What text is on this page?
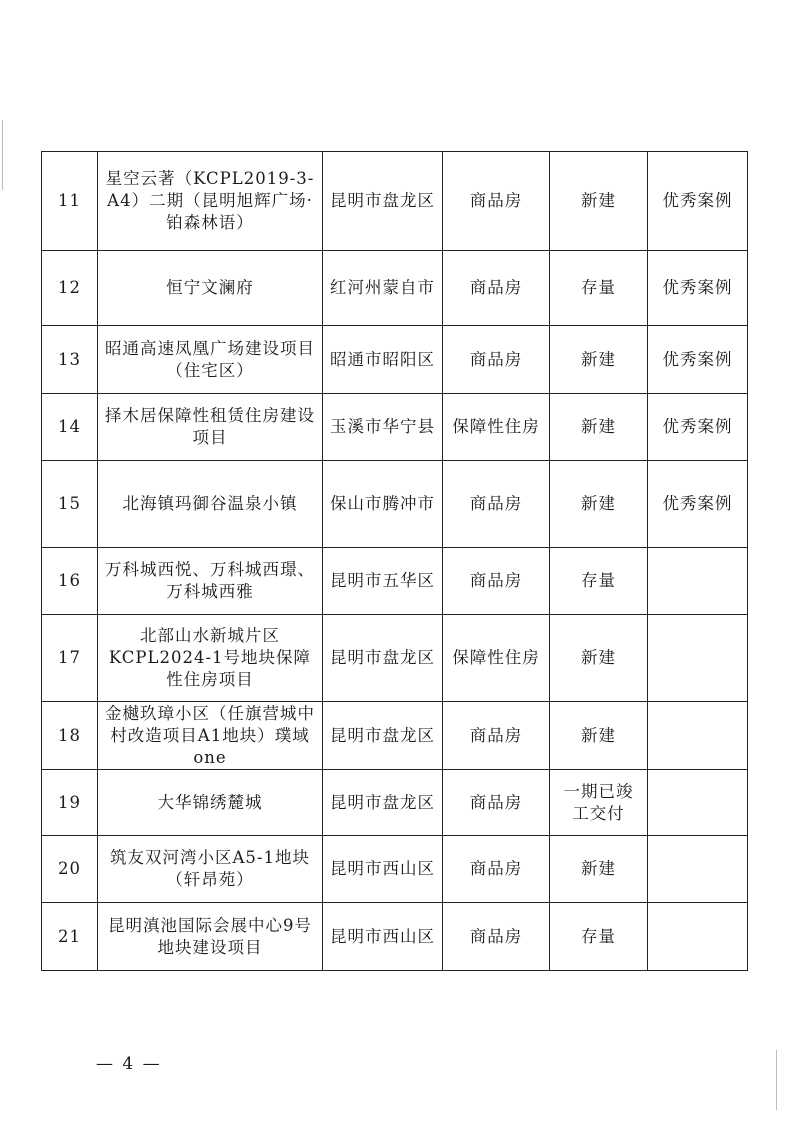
11	星空云著（KCPL2019-3-A4）二期（昆明旭辉广场·铂森林语）	昆明市盘龙区	商品房	新建	优秀案例
12	恒宁文澜府	红河州蒙自市	商品房	存量	优秀案例
13	昭通高速凤凰广场建设项目（住宅区）	昭通市昭阳区	商品房	新建	优秀案例
14	择木居保障性租赁住房建设项目	玉溪市华宁县	保障性住房	新建	优秀案例
15	北海镇玛御谷温泉小镇	保山市腾冲市	商品房	新建	优秀案例
16	万科城西悦、万科城西璟、万科城西雅	昆明市五华区	商品房	存量	
17	北部山水新城片区KCPL2024-1号地块保障性住房项目	昆明市盘龙区	保障性住房	新建	
18	金樾玖璋小区（任旗营城中村改造项目A1地块）璞域one	昆明市盘龙区	商品房	新建	
19	大华锦绣麓城	昆明市盘龙区	商品房	一期已竣工交付	
20	筑友双河湾小区A5-1地块（轩昂苑）	昆明市西山区	商品房	新建	
21	昆明滇池国际会展中心9号地块建设项目	昆明市西山区	商品房	存量	
— 4 —
